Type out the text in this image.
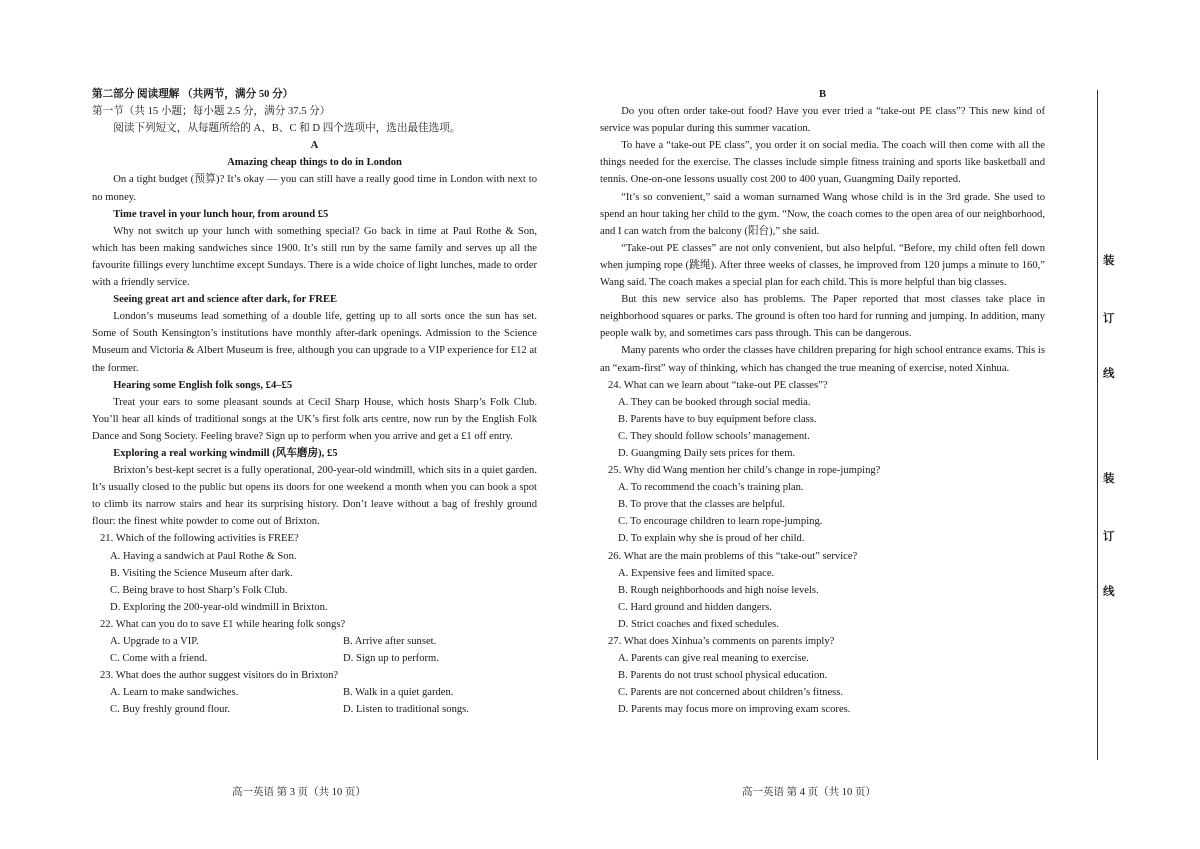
第二部分 阅读理解 （共两节，满分 50 分）

第一节（共 15 小题；每小题 2.5 分，满分 37.5 分）

阅读下列短文，从每题所给的 A、B、C 和 D 四个选项中，选出最佳选项。

A

Amazing cheap things to do in London

On a tight budget (预算)? It’s okay — you can still have a really good time in London with next to no money.

Time travel in your lunch hour, from around £5

Why not switch up your lunch with something special? Go back in time at Paul Rothe & Son, which has been making sandwiches since 1900. It’s still run by the same family and serves up all the favourite fillings every lunchtime except Sundays. There is a wide choice of light lunches, made to order with a friendly service.

Seeing great art and science after dark, for FREE

London’s museums lead something of a double life, getting up to all sorts once the sun has set. Some of South Kensington’s institutions have monthly after-dark openings. Admission to the Science Museum and Victoria & Albert Museum is free, although you can upgrade to a VIP experience for £12 at the former.

Hearing some English folk songs, £4–£5

Treat your ears to some pleasant sounds at Cecil Sharp House, which hosts Sharp’s Folk Club. You’ll hear all kinds of traditional songs at the UK’s first folk arts centre, now run by the English Folk Dance and Song Society. Feeling brave? Sign up to perform when you arrive and get a £1 off entry.

Exploring a real working windmill (风车磨房), £5

Brixton’s best-kept secret is a fully operational, 200-year-old windmill, which sits in a quiet garden. It’s usually closed to the public but opens its doors for one weekend a month when you can book a spot to climb its narrow stairs and hear its surprising history. Don’t leave without a bag of freshly ground flour: the finest white powder to come out of Brixton.

21. Which of the following activities is FREE?

A. Having a sandwich at Paul Rothe & Son.

B. Visiting the Science Museum after dark.

C. Being brave to host Sharp’s Folk Club.

D. Exploring the 200-year-old windmill in Brixton.

22. What can you do to save £1 while hearing folk songs?

A. Upgrade to a VIP.	B. Arrive after sunset.
C. Come with a friend.	D. Sign up to perform.

23. What does the author suggest visitors do in Brixton?

A. Learn to make sandwiches.	B. Walk in a quiet garden.
C. Buy freshly ground flour.	D. Listen to traditional songs.

B

Do you often order take-out food? Have you ever tried a “take-out PE class”? This new kind of service was popular during this summer vacation.

To have a “take-out PE class”, you order it on social media. The coach will then come with all the things needed for the exercise. The classes include simple fitness training and sports like basketball and tennis. One-on-one lessons usually cost 200 to 400 yuan, Guangming Daily reported.

“It’s so convenient,” said a woman surnamed Wang whose child is in the 3rd grade. She used to spend an hour taking her child to the gym. “Now, the coach comes to the open area of our neighborhood, and I can watch from the balcony (阳台),” she said.

“Take-out PE classes” are not only convenient, but also helpful. “Before, my child often fell down when jumping rope (跳绳). After three weeks of classes, he improved from 120 jumps a minute to 160,” Wang said. The coach makes a special plan for each child. This is more helpful than big classes.

But this new service also has problems. The Paper reported that most classes take place in neighborhood squares or parks. The ground is often too hard for running and jumping. In addition, many people walk by, and sometimes cars pass through. This can be dangerous.

Many parents who order the classes have children preparing for high school entrance exams. This is an “exam-first” way of thinking, which has changed the true meaning of exercise, noted Xinhua.

24. What can we learn about “take-out PE classes”?

A. They can be booked through social media.

B. Parents have to buy equipment before class.

C. They should follow schools’ management.

D. Guangming Daily sets prices for them.

25. Why did Wang mention her child’s change in rope-jumping?

A. To recommend the coach’s training plan.

B. To prove that the classes are helpful.

C. To encourage children to learn rope-jumping.

D. To explain why she is proud of her child.

26. What are the main problems of this “take-out” service?

A. Expensive fees and limited space.

B. Rough neighborhoods and high noise levels.

C. Hard ground and hidden dangers.

D. Strict coaches and fixed schedules.

27. What does Xinhua’s comments on parents imply?

A. Parents can give real meaning to exercise.

B. Parents do not trust school physical education.

C. Parents are not concerned about children’s fitness.

D. Parents may focus more on improving exam scores.

高一英语 第 3 页（共 10 页）	高一英语 第 4 页（共 10 页）
装
订
线
装
订
线
